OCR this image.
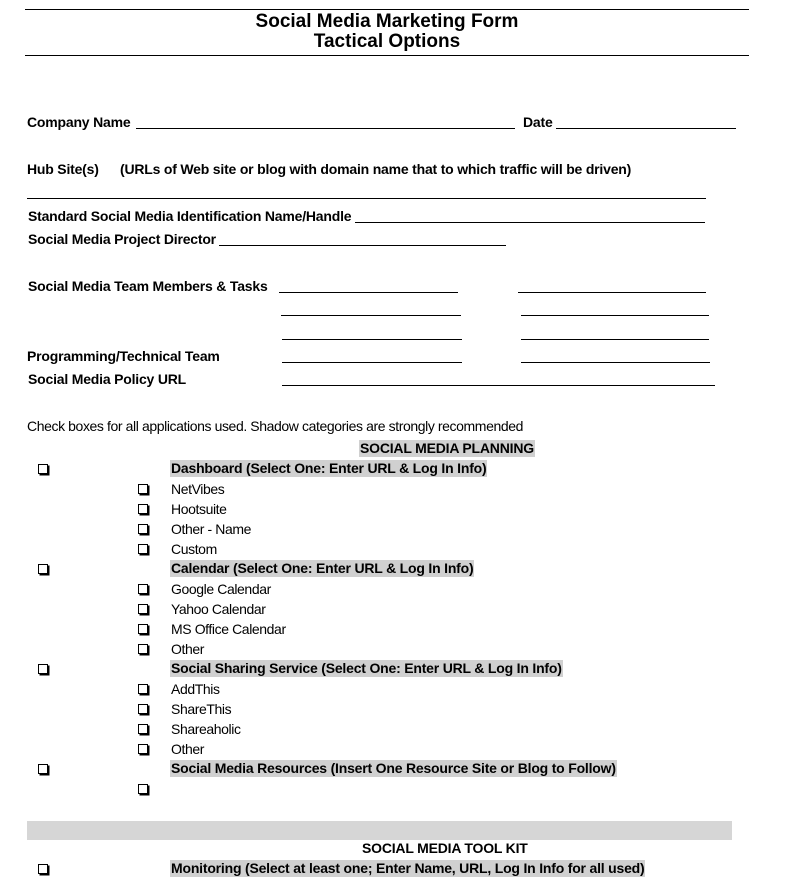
Social Media Marketing Form
Tactical Options
Company Name	Date
Hub Site(s) (URLs of Web site or blog with domain name that to which traffic will be driven)
Standard Social Media Identification Name/Handle
Social Media Project Director
Social Media Team Members & Tasks
Programming/Technical Team
Social Media Policy URL
Check boxes for all applications used. Shadow categories are strongly recommended
SOCIAL MEDIA PLANNING
Dashboard (Select One: Enter URL & Log In Info)
NetVibes
Hootsuite
Other - Name
Custom
Calendar (Select One: Enter URL & Log In Info)
Google Calendar
Yahoo Calendar
MS Office Calendar
Other
Social Sharing Service (Select One: Enter URL & Log In Info)
AddThis
ShareThis
Shareaholic
Other
Social Media Resources (Insert One Resource Site or Blog to Follow)
SOCIAL MEDIA TOOL KIT
Monitoring (Select at least one; Enter Name, URL, Log In Info for all used)
